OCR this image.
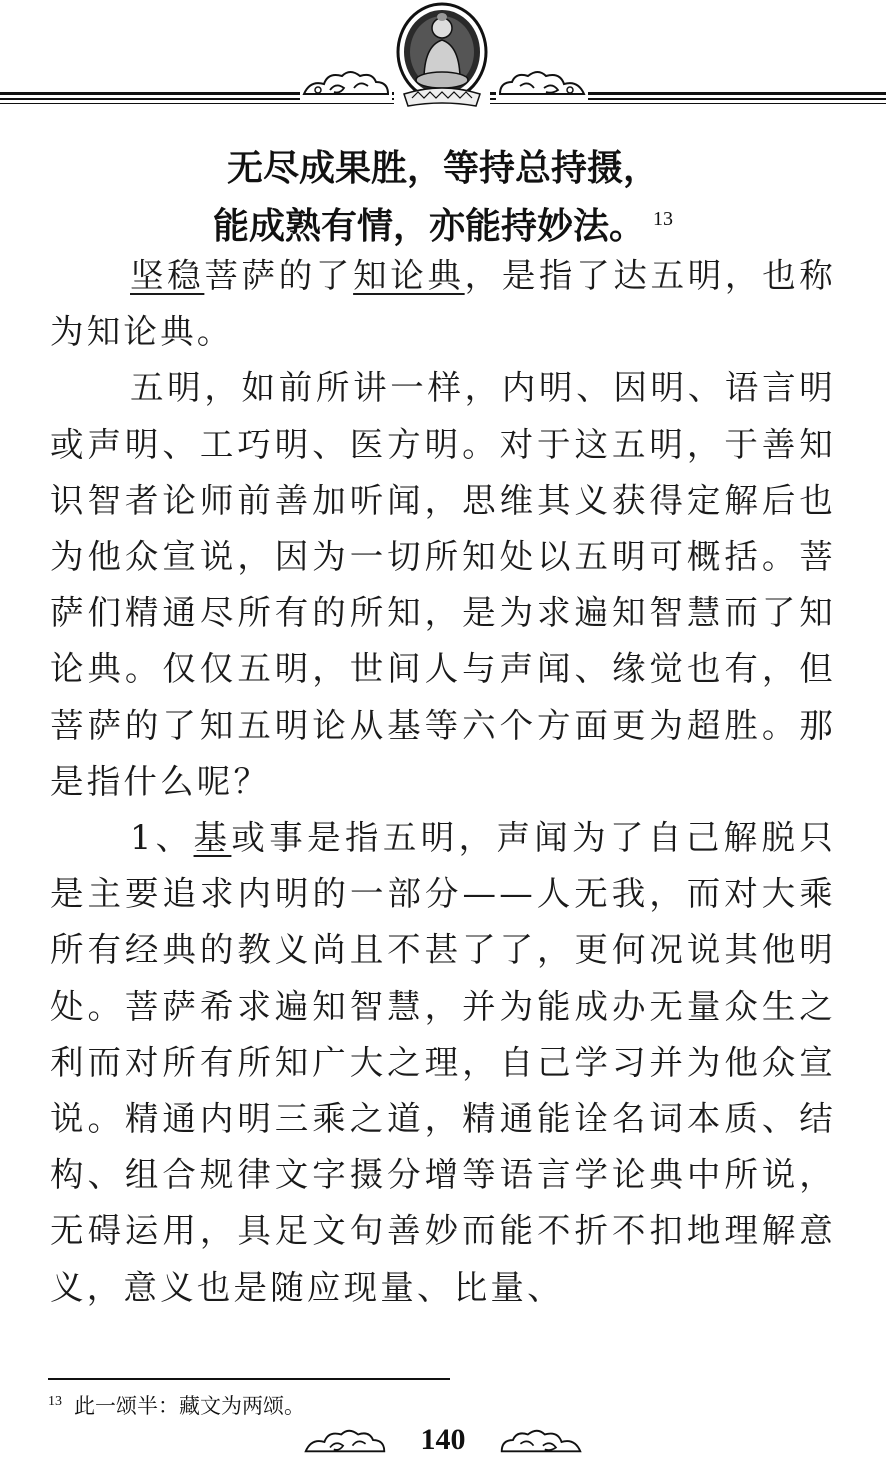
无尽成果胜，等持总持摄，
能成熟有情，亦能持妙法。 $^{13}$

坚稳菩萨的了知论典，是指了达五明，也称为知论典。

五明，如前所讲一样，内明、因明、语言明或声明、工巧明、医方明。对于这五明，于善知识智者论师前善加听闻，思维其义获得定解后也为他众宣说，因为一切所知处以五明可概括。菩萨们精通尽所有的所知，是为求遍知智慧而了知论典。仅仅五明，世间人与声闻、缘觉也有，但菩萨的了知五明论从基等六个方面更为超胜。那是指什么呢？

1、基或事是指五明，声闻为了自己解脱只是主要追求内明的一部分——人无我，而对大乘所有经典的教义尚且不甚了了，更何况说其他明处。菩萨希求遍知智慧，并为能成办无量众生之利而对所有所知广大之理，自己学习并为他众宣说。精通内明三乘之道，精通能诠名词本质、结构、组合规律文字摄分增等语言学论典中所说，无碍运用，具足文句善妙而能不折不扣地理解意义，意义也是随应现量、比量、

$^{13}$ 此一颂半：藏文为两颂。
140
